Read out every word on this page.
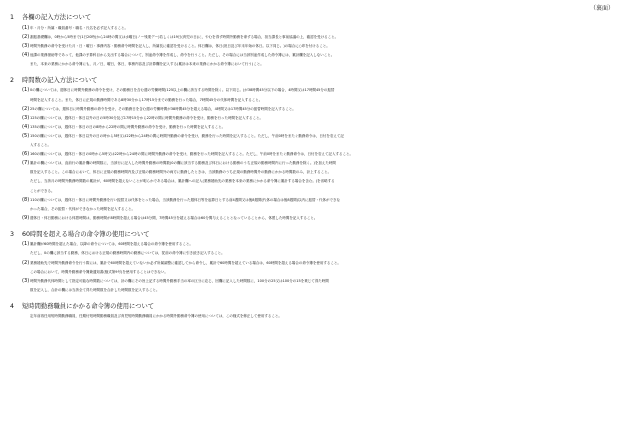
（裏面）
1 各欄の記入方法について
(1) 年・月分・所属・職員番号・職名・氏名を必ず記入すること。
(2) 割振基礎欄は，0時から5時まで(1日20時)から24時の間又は水曜日(ノー残業デー)若しくは19日(育児の日)に，やむを得ず時間外勤務を命ずる場合，担当課長と事前協議の上，確認を受けること。
(3) 時間外勤務の命令を受けた月・日・曜日・事務内容・勤務命令時間を記入し，所属長に確認を受けること。休日欄は，休日(祝日及び年末年始の休日。以下同じ。)の場合に○印を付けること。
(4) 他課の業務援助等であって，他課の予算科目から支出する場合について，別途命令簿を作成し，命令を行うこと。ただし，その場合には当該別途作成した命令簿には，累計欄を記入しないこと。
また，本来の業務にかかる命令簿にも，月／日，曜日，休日，事務内容及び計算欄を記入する(累計は本来の業務にかかる命令簿において行う)こと。
2 時間数の記入方法について
(1) 0の欄については，週休日に時間外勤務の命令を受け，その勤務日を含む週の労働時間(125以上の欄に該当する時間を除く。以下同じ。)が38時間45分以下の場合，4時間又は17時間45分の振替
時間を記入すること。また，休日に正規の勤務時間である8時30分から17時15分までの勤務を行った場合，7時間45分の代休時間を記入すること。
(2) 25の欄については，週休日に時間外勤務の命令を受け，その勤務日を含む週の労働時間が38時間45分を超える場合，4時間又は17時間45分の振替時間を記入すること。
(3) 125の欄については，週休日・休日以外の日の5時30分及び17時15分から22時の間に時間外勤務の命令を受け，勤務を行った時間を記入すること。
(4) 135の欄については，週休日・休日の日の8時から22時の間に時間外勤務の命令を受け，勤務を行った時間を記入すること。
(5) 150の欄については，週休日・休日以外の日の時から5時又は22時から24時の間に時間外勤務の命令を受け，勤務を行った時間を記入すること。ただし，午前0時をまたぐ勤務命令は，日付を変えて記
入すること。
(6) 160の欄については，週休日・休日の0時から5時又は22時から24時の間に時間外勤務の命令を受け，勤務を行った時間を記入すること。ただし，午前0時をまたぐ勤務命令は，日付を変えて記入すること。
(7) 累計の欄については，直前行の累計欄の時間数に，当該行に記入した時間外勤務の時間数(0の欄に該当する勤務及び休日における勤務のうち正規の勤務時間内に行った勤務を除く。)を加えた時間
数を記入すること。この場合において，休日に正規の勤務時間内及び正規の勤務時間外の両方に勤務したときは，当該勤務のうち正規の勤務時間外の勤務にかかる時間数のみ，計上すること。
ただし，当該月の時間外勤務時間数の累計が，60時間を超えないことが明らかである場合は，累計欄への記入(業務援助先の業務を本来の業務にかかる命令簿に累計する場合を含む。)を省略する
ことができる。
(8) 110の欄については，週休日・休日に時間外勤務を行い振替又は代休をとった場合，当該勤務を行った週休日等を起算日とする前4週間又は後8週間(代休の場合は後8週間)以内に振替・代休ができな
かった場合，その振替・代休ができなかった時間を記入すること。
(9) 週休日・休日勤務における休憩時間は，勤務時間が8時間を超える場合は45分間，7時間45分を超える場合は60分間与えることとなっていることから，休憩した時間を記入すること。
3 60時間を超える場合の命令簿の使用について
(1) 累計欄が60時間を超えた場合，以降の命令については，60時間を超える場合の命令簿を使用すること。
ただし，0の欄に該当する勤務，休日における正規の勤務時間内の勤務については，従前の命令簿に引き続き記入すること。
(2) 業務援助先で時間外勤務命令を行う際には，累計で60時間を超えていないか必ず所属調整に確認してから命令し，累計で60時間を超えている場合は，60時間を超える場合の命令簿を使用すること。
この場合において，時間外勤務命令簿兼通知書(様式第9号)を使用することはできない。
(3) 時間外勤務代休時間として指定可能な時間数については，計の欄にその旨上記する時間外勤務手当の率の区分に応じ，回欄に記入した時間数に，100分の25又は100分の15を乗じて得た時間
数を記入し，合計の欄には当該全て得た時間数を合計した時間数を記入すること。
4 短時間勤務職員にかかる命令簿の使用について
定年前再任用短時間勤務職員，任期付短時間勤務職員及び育児短時間勤務職員にかかる時間外勤務命令簿の使用については，この様式を修正して使用すること。
